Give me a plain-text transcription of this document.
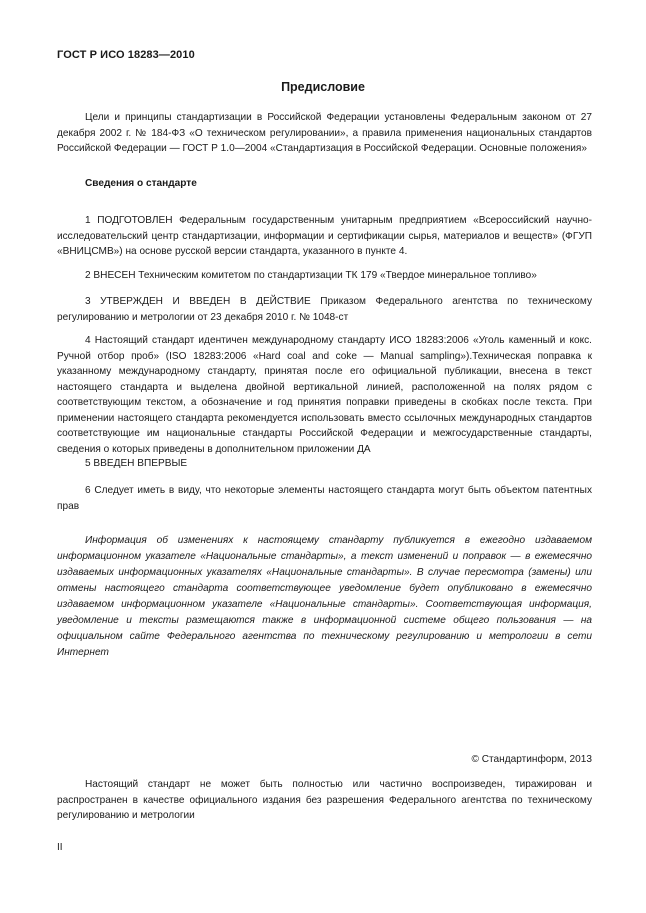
ГОСТ Р ИСО 18283—2010
Предисловие
Цели и принципы стандартизации в Российской Федерации установлены Федеральным законом от 27 декабря 2002 г. № 184-ФЗ «О техническом регулировании», а правила применения национальных стандартов Российской Федерации — ГОСТ Р 1.0—2004 «Стандартизация в Российской Федерации. Основные положения»
Сведения о стандарте
1 ПОДГОТОВЛЕН Федеральным государственным унитарным предприятием «Всероссийский научно-исследовательский центр стандартизации, информации и сертификации сырья, материалов и веществ» (ФГУП «ВНИЦСМВ») на основе русской версии стандарта, указанного в пункте 4.
2 ВНЕСЕН Техническим комитетом по стандартизации ТК 179 «Твердое минеральное топливо»
3 УТВЕРЖДЕН И ВВЕДЕН В ДЕЙСТВИЕ Приказом Федерального агентства по техническому регулированию и метрологии от 23 декабря 2010 г. № 1048-ст
4 Настоящий стандарт идентичен международному стандарту ИСО 18283:2006 «Уголь каменный и кокс. Ручной отбор проб» (ISO 18283:2006 «Hard coal and coke — Manual sampling»).Техническая поправка к указанному международному стандарту, принятая после его официальной публикации, внесена в текст настоящего стандарта и выделена двойной вертикальной линией, расположенной на полях рядом с соответствующим текстом, а обозначение и год принятия поправки приведены в скобках после текста. При применении настоящего стандарта рекомендуется использовать вместо ссылочных международных стандартов соответствующие им национальные стандарты Российской Федерации и межгосударственные стандарты, сведения о которых приведены в дополнительном приложении ДА
5 ВВЕДЕН ВПЕРВЫЕ
6 Следует иметь в виду, что некоторые элементы настоящего стандарта могут быть объектом патентных прав
Информация об изменениях к настоящему стандарту публикуется в ежегодно издаваемом информационном указателе «Национальные стандарты», а текст изменений и поправок — в ежемесячно издаваемых информационных указателях «Национальные стандарты». В случае пересмотра (замены) или отмены настоящего стандарта соответствующее уведомление будет опубликовано в ежемесячно издаваемом информационном указателе «Национальные стандарты». Соответствующая информация, уведомление и тексты размещаются также в информационной системе общего пользования — на официальном сайте Федерального агентства по техническому регулированию и метрологии в сети Интернет
© Стандартинформ, 2013
Настоящий стандарт не может быть полностью или частично воспроизведен, тиражирован и распространен в качестве официального издания без разрешения Федерального агентства по техническому регулированию и метрологии
II
